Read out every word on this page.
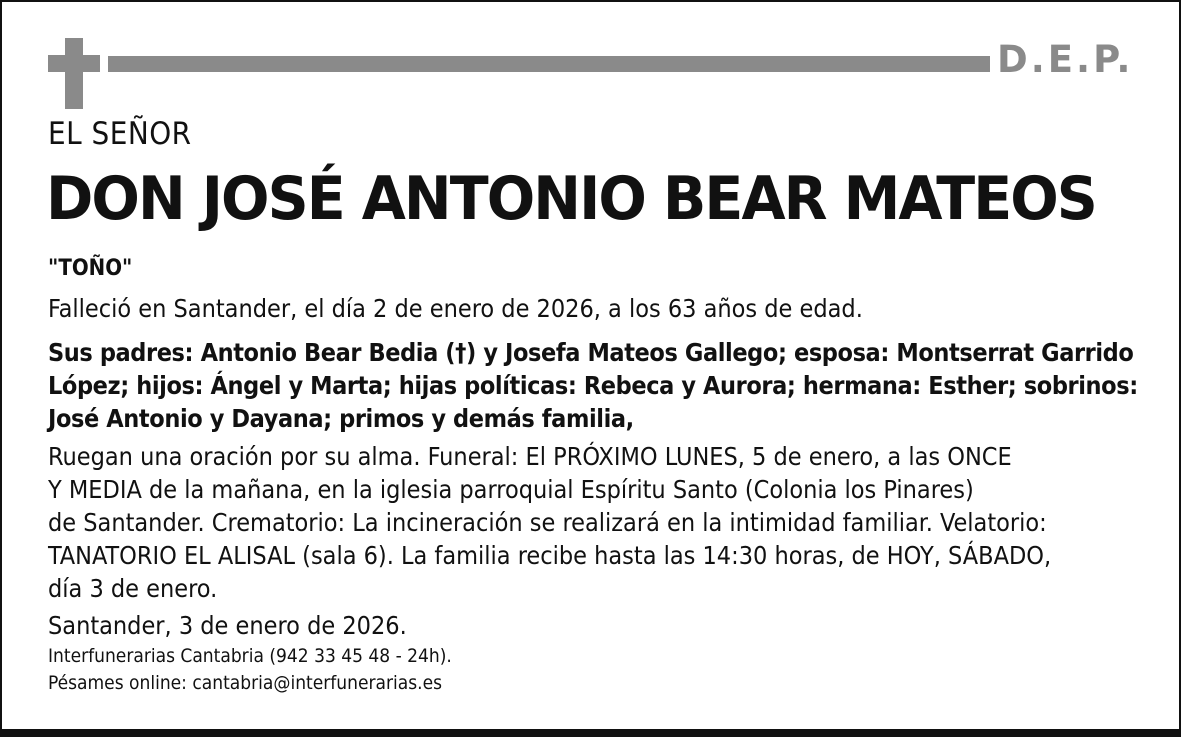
D.E.P.
EL SEÑOR
DON JOSÉ ANTONIO BEAR MATEOS
"TOÑO"
Falleció en Santander, el día 2 de enero de 2026, a los 63 años de edad.
Sus padres: Antonio Bear Bedia (†) y Josefa Mateos Gallego; esposa: Montserrat Garrido
López; hijos: Ángel y Marta; hijas políticas: Rebeca y Aurora; hermana: Esther; sobrinos:
José Antonio y Dayana; primos y demás familia,
Ruegan una oración por su alma. Funeral: El PRÓXIMO LUNES, 5 de enero, a las ONCE
Y MEDIA de la mañana, en la iglesia parroquial Espíritu Santo (Colonia los Pinares)
de Santander. Crematorio: La incineración se realizará en la intimidad familiar. Velatorio:
TANATORIO EL ALISAL (sala 6). La familia recibe hasta las 14:30 horas, de HOY, SÁBADO,
día 3 de enero.
Santander, 3 de enero de 2026.
Interfunerarias Cantabria (942 33 45 48 - 24h).
Pésames online: cantabria@interfunerarias.es
